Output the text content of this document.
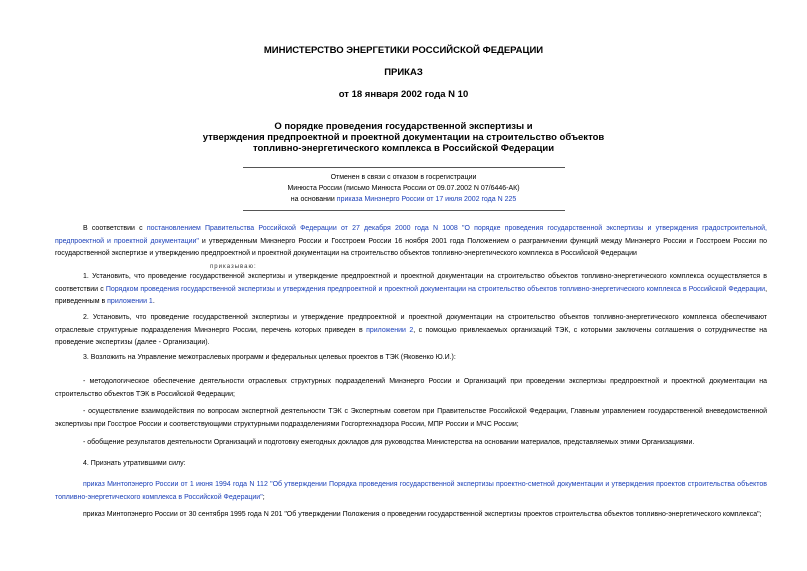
МИНИСТЕРСТВО ЭНЕРГЕТИКИ РОССИЙСКОЙ ФЕДЕРАЦИИ
ПРИКАЗ
от 18 января 2002 года N 10
О порядке проведения государственной экспертизы и
утверждения предпроектной и проектной документации на строительство объектов
топливно-энергетического комплекса в Российской Федерации
Отменен в связи с отказом в госрегистрации
Минюста России (письмо Минюста России от 09.07.2002 N 07/6446-АК)
на основании приказа Минэнерго России от 17 июля 2002 года N 225
В соответствии с постановлением Правительства Российской Федерации от 27 декабря 2000 года N 1008 "О порядке проведения государственной экспертизы и утверждения градостроительной, предпроектной и проектной документации" и утвержденным Минэнерго России и Госстроем России 16 ноября 2001 года Положением о разграничении функций между Минэнерго России и Госстроем России по государственной экспертизе и утверждению предпроектной и проектной документации на строительство объектов топливно-энергетического комплекса в Российской Федерации
приказываю:
1. Установить, что проведение государственной экспертизы и утверждение предпроектной и проектной документации на строительство объектов топливно-энергетического комплекса осуществляется в соответствии с Порядком проведения государственной экспертизы и утверждения предпроектной и проектной документации на строительство объектов топливно-энергетического комплекса в Российской Федерации, приведенным в приложении 1.
2. Установить, что проведение государственной экспертизы и утверждение предпроектной и проектной документации на строительство объектов топливно-энергетического комплекса обеспечивают отраслевые структурные подразделения Минэнерго России, перечень которых приведен в приложении 2, с помощью привлекаемых организаций ТЭК, с которыми заключены соглашения о сотрудничестве на проведение экспертизы (далее - Организации).
3. Возложить на Управление межотраслевых программ и федеральных целевых проектов в ТЭК (Яковенко Ю.И.):
- методологическое обеспечение деятельности отраслевых структурных подразделений Минэнерго России и Организаций при проведении экспертизы предпроектной и проектной документации на строительство объектов ТЭК в Российской Федерации;
- осуществление взаимодействия по вопросам экспертной деятельности ТЭК с Экспертным советом при Правительстве Российской Федерации, Главным управлением государственной вневедомственной экспертизы при Госстрое России и соответствующими структурными подразделениями Госгортехнадзора России, МПР России и МЧС России;
- обобщение результатов деятельности Организаций и подготовку ежегодных докладов для руководства Министерства на основании материалов, представляемых этими Организациями.
4. Признать утратившими силу:
приказ Минтопэнерго России от 1 июня 1994 года N 112 "Об утверждении Порядка проведения государственной экспертизы проектно-сметной документации и утверждения проектов строительства объектов топливно-энергетического комплекса в Российской Федерации";
приказ Минтопэнерго России от 30 сентября 1995 года N 201 "Об утверждении Положения о проведении государственной экспертизы проектов строительства объектов топливно-энергетического комплекса";
